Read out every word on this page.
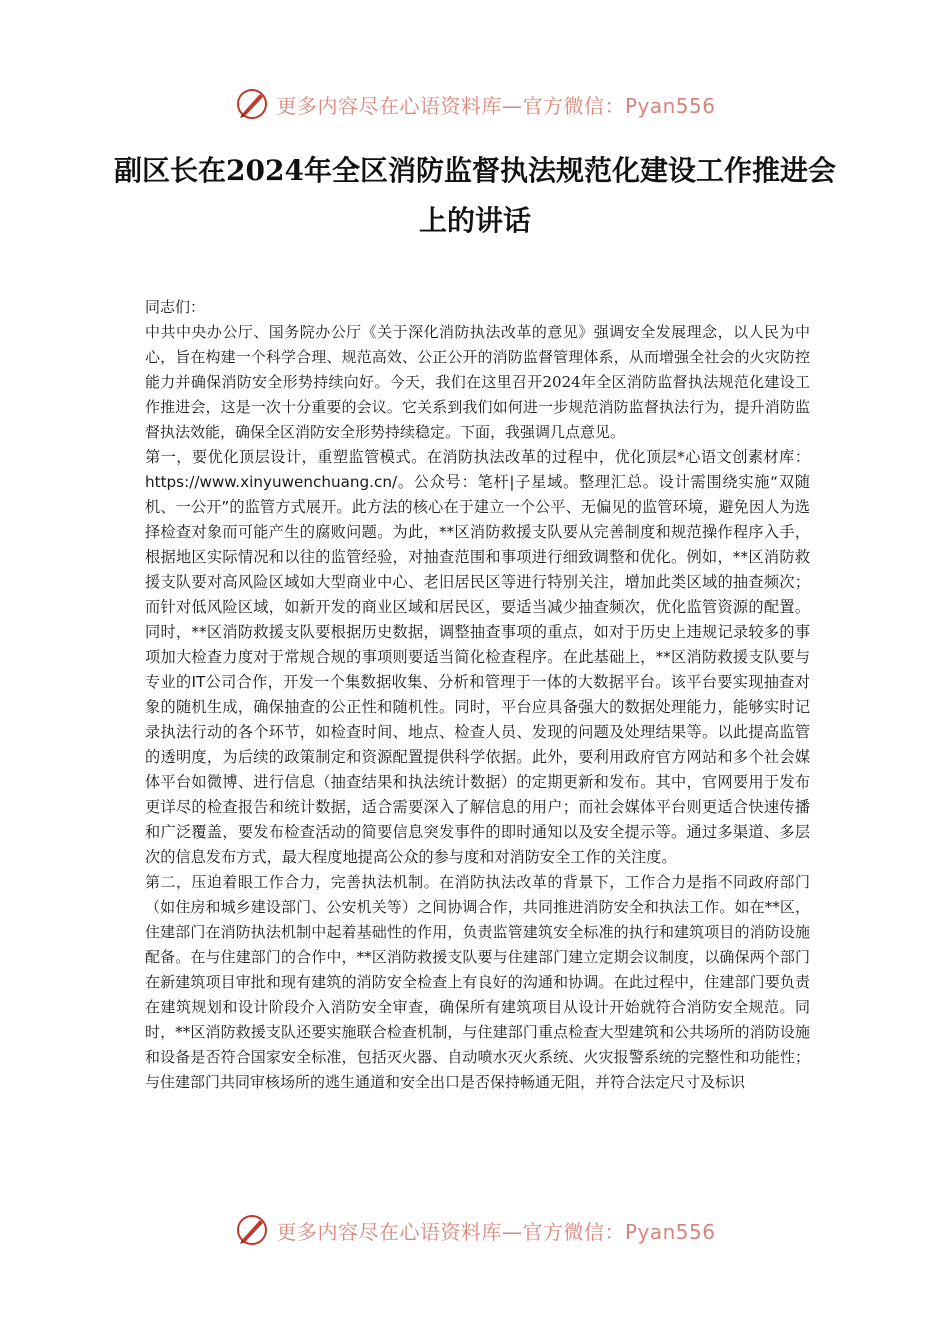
更多内容尽在心语资料库—官方微信：Pyan556
副区长在2024年全区消防监督执法规范化建设工作推进会上的讲话

同志们：

中共中央办公厅、国务院办公厅《关于深化消防执法改革的意见》强调安全发展理念，以人民为中心，旨在构建一个科学合理、规范高效、公正公开的消防监督管理体系，从而增强全社会的火灾防控能力并确保消防安全形势持续向好。今天，我们在这里召开2024年全区消防监督执法规范化建设工作推进会，这是一次十分重要的会议。它关系到我们如何进一步规范消防监督执法行为，提升消防监督执法效能，确保全区消防安全形势持续稳定。下面，我强调几点意见。

第一，要优化顶层设计，重塑监管模式。在消防执法改革的过程中，优化顶层*心语文创素材库：https://www.xinyuwenchuang.cn/。公众号：笔杆|子星域。整理汇总。设计需围绕实施“双随机、一公开”的监管方式展开。此方法的核心在于建立一个公平、无偏见的监管环境，避免因人为选择检查对象而可能产生的腐败问题。为此，**区消防救援支队要从完善制度和规范操作程序入手，根据地区实际情况和以往的监管经验，对抽查范围和事项进行细致调整和优化。例如，**区消防救援支队要对高风险区域如大型商业中心、老旧居民区等进行特别关注，增加此类区域的抽查频次；而针对低风险区域，如新开发的商业区域和居民区，要适当减少抽查频次，优化监管资源的配置。同时，**区消防救援支队要根据历史数据，调整抽查事项的重点，如对于历史上违规记录较多的事项加大检查力度对于常规合规的事项则要适当简化检查程序。在此基础上，**区消防救援支队要与专业的IT公司合作，开发一个集数据收集、分析和管理于一体的大数据平台。该平台要实现抽查对象的随机生成，确保抽查的公正性和随机性。同时，平台应具备强大的数据处理能力，能够实时记录执法行动的各个环节，如检查时间、地点、检查人员、发现的问题及处理结果等。以此提高监管的透明度，为后续的政策制定和资源配置提供科学依据。此外，要利用政府官方网站和多个社会媒体平台如微博、进行信息（抽查结果和执法统计数据）的定期更新和发布。其中，官网要用于发布更详尽的检查报告和统计数据，适合需要深入了解信息的用户；而社会媒体平台则更适合快速传播和广泛覆盖，要发布检查活动的简要信息突发事件的即时通知以及安全提示等。通过多渠道、多层次的信息发布方式，最大程度地提高公众的参与度和对消防安全工作的关注度。

第二，压迫着眼工作合力，完善执法机制。在消防执法改革的背景下，工作合力是指不同政府部门（如住房和城乡建设部门、公安机关等）之间协调合作，共同推进消防安全和执法工作。如在**区，住建部门在消防执法机制中起着基础性的作用，负责监管建筑安全标准的执行和建筑项目的消防设施配备。在与住建部门的合作中，**区消防救援支队要与住建部门建立定期会议制度，以确保两个部门在新建筑项目审批和现有建筑的消防安全检查上有良好的沟通和协调。在此过程中，住建部门要负责在建筑规划和设计阶段介入消防安全审查，确保所有建筑项目从设计开始就符合消防安全规范。同时，**区消防救援支队还要实施联合检查机制，与住建部门重点检查大型建筑和公共场所的消防设施和设备是否符合国家安全标准，包括灭火器、自动喷水灭火系统、火灾报警系统的完整性和功能性；与住建部门共同审核场所的逃生通道和安全出口是否保持畅通无阻，并符合法定尺寸及标识

更多内容尽在心语资料库—官方微信：Pyan556
